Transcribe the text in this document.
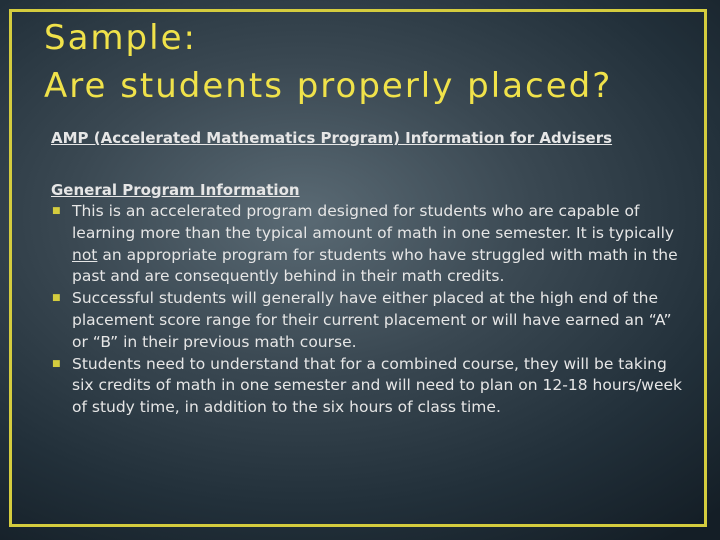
Sample:
Are students properly placed?
AMP (Accelerated Mathematics Program) Information for Advisers
General Program Information
■ This is an accelerated program designed for students who are capable of learning more than the typical amount of math in one semester. It is typically not an appropriate program for students who have struggled with math in the past and are consequently behind in their math credits.
■ Successful students will generally have either placed at the high end of the placement score range for their current placement or will have earned an “A” or “B” in their previous math course.
■ Students need to understand that for a combined course, they will be taking six credits of math in one semester and will need to plan on 12-18 hours/week of study time, in addition to the six hours of class time.
